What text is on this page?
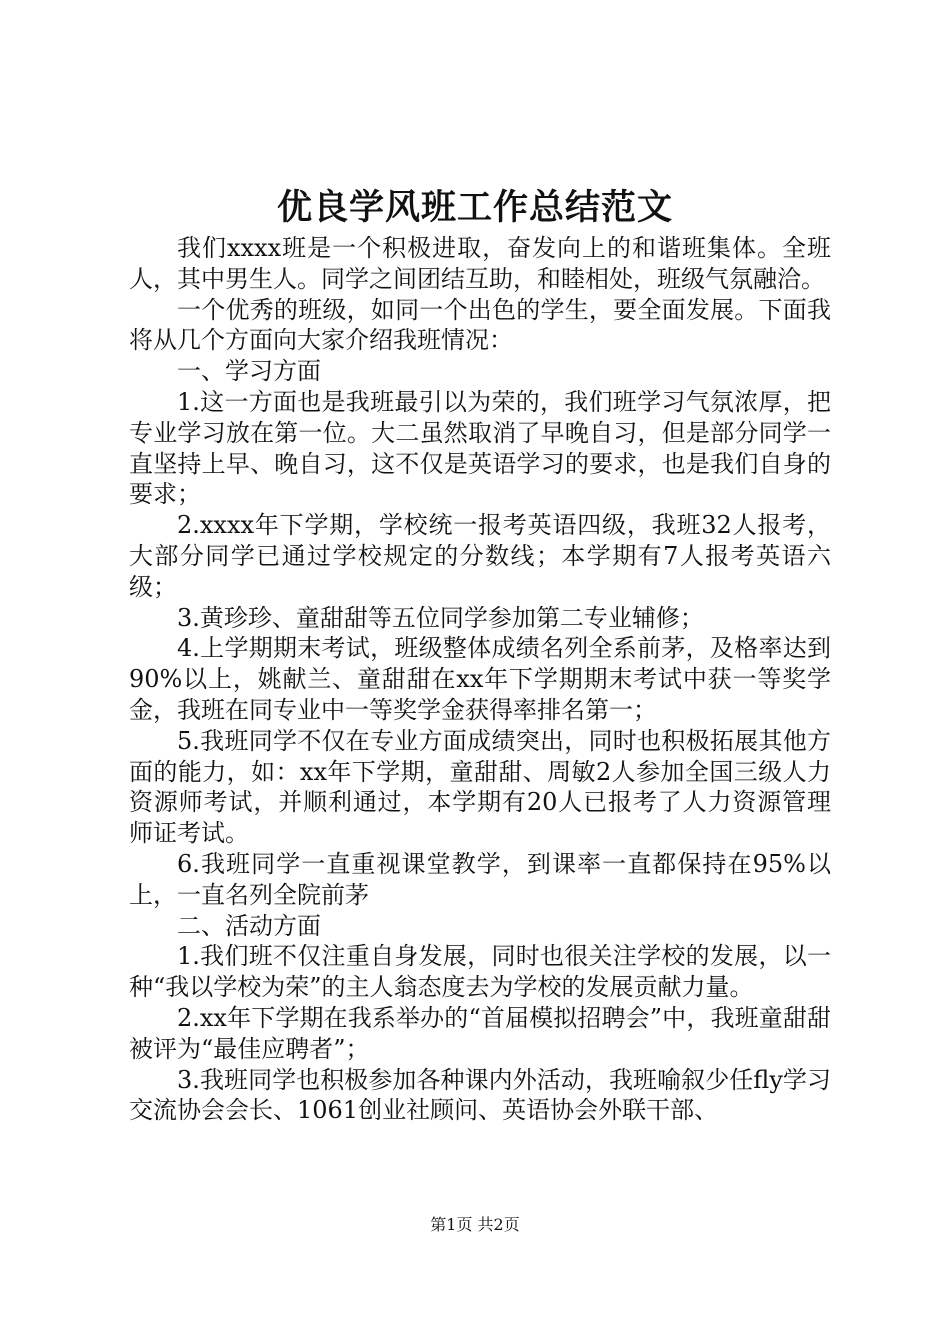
优良学风班工作总结范文

我们xxxx班是一个积极进取，奋发向上的和谐班集体。全班人，其中男生人。同学之间团结互助，和睦相处，班级气氛融洽。

一个优秀的班级，如同一个出色的学生，要全面发展。下面我将从几个方面向大家介绍我班情况：

一、学习方面

1.这一方面也是我班最引以为荣的，我们班学习气氛浓厚，把专业学习放在第一位。大二虽然取消了早晚自习，但是部分同学一直坚持上早、晚自习，这不仅是英语学习的要求，也是我们自身的要求；

2.xxxx年下学期，学校统一报考英语四级，我班32人报考，大部分同学已通过学校规定的分数线；本学期有7人报考英语六级；

3.黄珍珍、童甜甜等五位同学参加第二专业辅修；

4.上学期期末考试，班级整体成绩名列全系前茅，及格率达到90%以上，姚献兰、童甜甜在xx年下学期期末考试中获一等奖学金，我班在同专业中一等奖学金获得率排名第一；

5.我班同学不仅在专业方面成绩突出，同时也积极拓展其他方面的能力，如：xx年下学期，童甜甜、周敏2人参加全国三级人力资源师考试，并顺利通过，本学期有20人已报考了人力资源管理师证考试。

6.我班同学一直重视课堂教学，到课率一直都保持在95%以上，一直名列全院前茅

二、活动方面

1.我们班不仅注重自身发展，同时也很关注学校的发展，以一种“我以学校为荣”的主人翁态度去为学校的发展贡献力量。

2.xx年下学期在我系举办的“首届模拟招聘会”中，我班童甜甜被评为“最佳应聘者”；

3.我班同学也积极参加各种课内外活动，我班喻叙少任fly学习交流协会会长、1061创业社顾问、英语协会外联干部、

第1页 共2页
